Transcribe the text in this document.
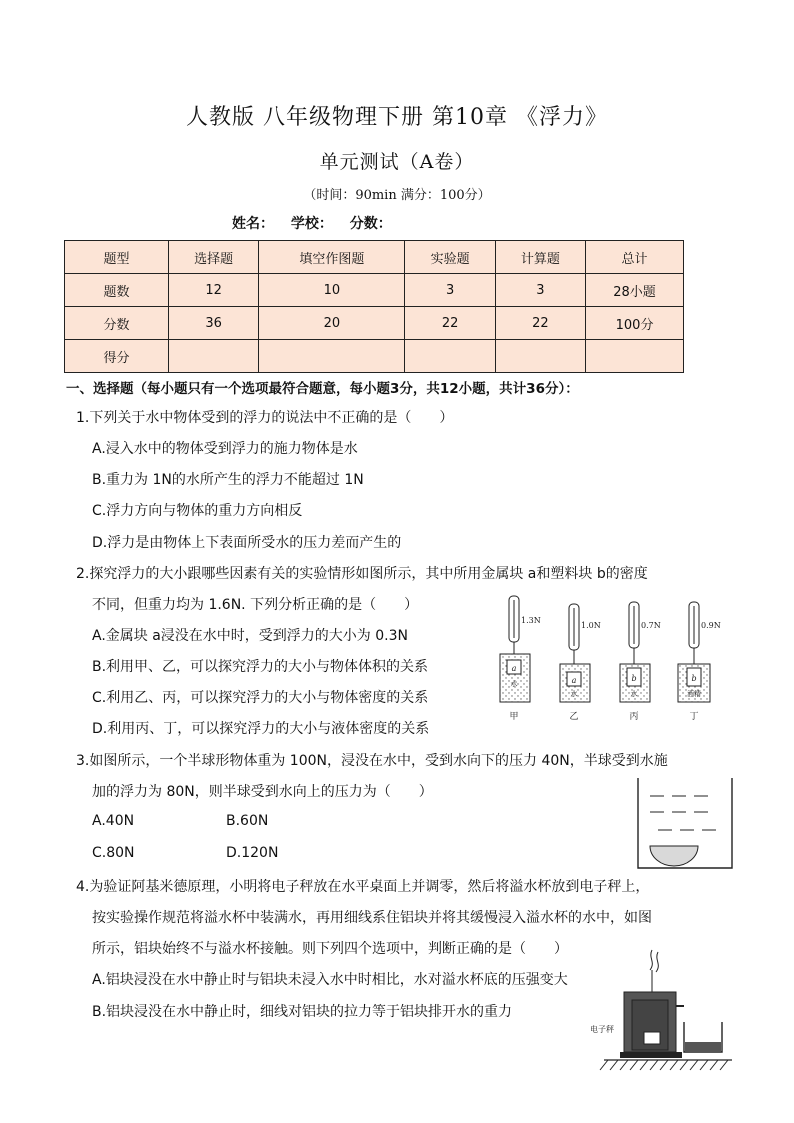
人教版 八年级物理下册 第10章 《浮力》
单元测试（A卷）
（时间：90min 满分：100分）
姓名： 学校： 分数：
题型	选择题	填空作图题	实验题	计算题	总计
题数	12	10	3	3	28小题
分数	36	20	22	22	100分
得分					
一、选择题（每小题只有一个选项最符合题意，每小题3分，共12小题，共计36分）：
1.下列关于水中物体受到的浮力的说法中不正确的是（　　）
A.浸入水中的物体受到浮力的施力物体是水
B.重力为 1N的水所产生的浮力不能超过 1N
C.浮力方向与物体的重力方向相反
D.浮力是由物体上下表面所受水的压力差而产生的
2.探究浮力的大小跟哪些因素有关的实验情形如图所示，其中所用金属块 a和塑料块 b的密度
不同，但重力均为 1.6N. 下列分析正确的是（　　）
A.金属块 a浸没在水中时，受到浮力的大小为 0.3N
B.利用甲、乙，可以探究浮力的大小与物体体积的关系
C.利用乙、丙，可以探究浮力的大小与物体密度的关系
D.利用丙、丁，可以探究浮力的大小与液体密度的关系
a
水
1.3N
甲
a
水
1.0N
乙
b
水
0.7N
丙
b
酒精
0.9N
丁
3.如图所示，一个半球形物体重为 100N，浸没在水中，受到水向下的压力 40N，半球受到水施
加的浮力为 80N，则半球受到水向上的压力为（　　）
A.40N	B.60N
C.80N	D.120N
4.为验证阿基米德原理，小明将电子秤放在水平桌面上并调零，然后将溢水杯放到电子秤上，
按实验操作规范将溢水杯中装满水，再用细线系住铝块并将其缓慢浸入溢水杯的水中，如图
所示，铝块始终不与溢水杯接触。则下列四个选项中，判断正确的是（　　）
A.铝块浸没在水中静止时与铝块未浸入水中时相比，水对溢水杯底的压强变大
B.铝块浸没在水中静止时，细线对铝块的拉力等于铝块排开水的重力
电子秤
